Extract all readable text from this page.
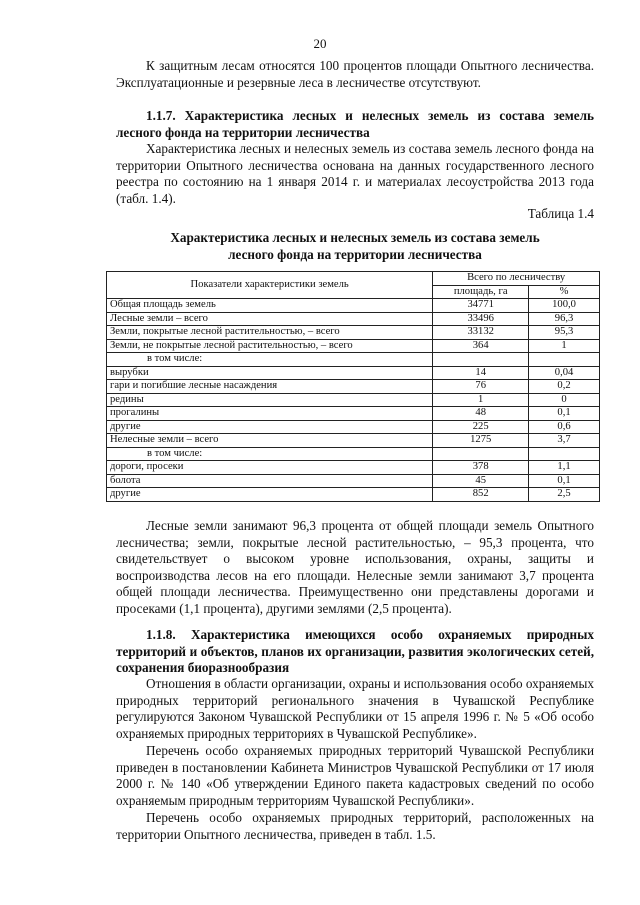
20

К защитным лесам относятся 100 процентов площади Опытного лесничества. Эксплуатационные и резервные леса в лесничестве отсутствуют.

1.1.7. Характеристика лесных и нелесных земель из состава земель лесного фонда на территории лесничества

Характеристика лесных и нелесных земель из состава земель лесного фонда на территории Опытного лесничества основана на данных государственного лесного реестра по состоянию на 1 января 2014 г. и материалах лесоустройства 2013 года (табл. 1.4).

Таблица 1.4
Характеристика лесных и нелесных земель из состава земель
лесного фонда на территории лесничества
Показатели характеристики земель	Всего по лесничеству	
	площадь, га	%
Общая площадь земель	34771	100,0
Лесные земли – всего	33496	96,3
Земли, покрытые лесной растительностью, – всего	33132	95,3
Земли, не покрытые лесной растительностью, – всего	364	1
в том числе:		
вырубки	14	0,04
гари и погибшие лесные насаждения	76	0,2
редины	1	0
прогалины	48	0,1
другие	225	0,6
Нелесные земли – всего	1275	3,7
в том числе:		
дороги, просеки	378	1,1
болота	45	0,1
другие	852	2,5

Лесные земли занимают 96,3 процента от общей площади земель Опытного лесничества; земли, покрытые лесной растительностью, – 95,3 процента, что свидетельствует о высоком уровне использования, охраны, защиты и воспроизводства лесов на его площади. Нелесные земли занимают 3,7 процента общей площади лесничества. Преимущественно они представлены дорогами и просеками (1,1 процента), другими землями (2,5 процента).

1.1.8. Характеристика имеющихся особо охраняемых природных территорий и объектов, планов их организации, развития экологических сетей, сохранения биоразнообразия

Отношения в области организации, охраны и использования особо охраняемых природных территорий регионального значения в Чувашской Республике регулируются Законом Чувашской Республики от 15 апреля 1996 г. № 5 «Об особо охраняемых природных территориях в Чувашской Республике».

Перечень особо охраняемых природных территорий Чувашской Республики приведен в постановлении Кабинета Министров Чувашской Республики от 17 июля 2000 г. № 140 «Об утверждении Единого пакета кадастровых сведений по особо охраняемым природным территориям Чувашской Республики».

Перечень особо охраняемых природных территорий, расположенных на территории Опытного лесничества, приведен в табл. 1.5.
